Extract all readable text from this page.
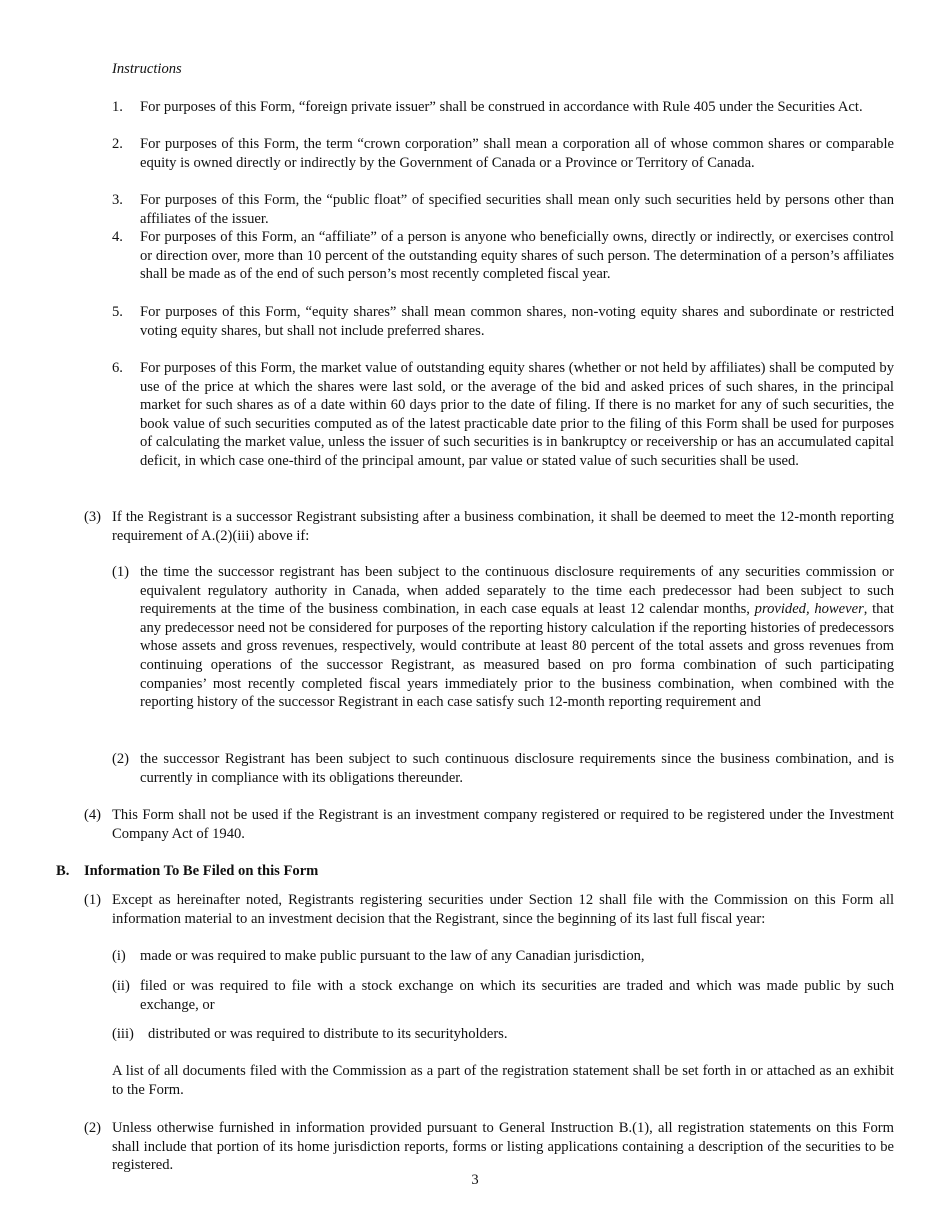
Instructions
1. For purposes of this Form, “foreign private issuer” shall be construed in accordance with Rule 405 under the Securities Act.
2. For purposes of this Form, the term “crown corporation” shall mean a corporation all of whose common shares or comparable equity is owned directly or indirectly by the Government of Canada or a Province or Territory of Canada.
3. For purposes of this Form, the “public float” of specified securities shall mean only such securities held by persons other than affiliates of the issuer.
4. For purposes of this Form, an “affiliate” of a person is anyone who beneficially owns, directly or indirectly, or exercises control or direction over, more than 10 percent of the outstanding equity shares of such person. The determination of a person’s affiliates shall be made as of the end of such person’s most recently completed fiscal year.
5. For purposes of this Form, “equity shares” shall mean common shares, non-voting equity shares and subordinate or restricted voting equity shares, but shall not include preferred shares.
6. For purposes of this Form, the market value of outstanding equity shares (whether or not held by affiliates) shall be computed by use of the price at which the shares were last sold, or the average of the bid and asked prices of such shares, in the principal market for such shares as of a date within 60 days prior to the date of filing. If there is no market for any of such securities, the book value of such securities computed as of the latest practicable date prior to the filing of this Form shall be used for purposes of calculating the market value, unless the issuer of such securities is in bankruptcy or receivership or has an accumulated capital deficit, in which case one-third of the principal amount, par value or stated value of such securities shall be used.
(3) If the Registrant is a successor Registrant subsisting after a business combination, it shall be deemed to meet the 12-month reporting requirement of A.(2)(iii) above if:
(1) the time the successor registrant has been subject to the continuous disclosure requirements of any securities commission or equivalent regulatory authority in Canada, when added separately to the time each predecessor had been subject to such requirements at the time of the business combination, in each case equals at least 12 calendar months, provided, however, that any predecessor need not be considered for purposes of the reporting history calculation if the reporting histories of predecessors whose assets and gross revenues, respectively, would contribute at least 80 percent of the total assets and gross revenues from continuing operations of the successor Registrant, as measured based on pro forma combination of such participating companies’ most recently completed fiscal years immediately prior to the business combination, when combined with the reporting history of the successor Registrant in each case satisfy such 12-month reporting requirement and
(2) the successor Registrant has been subject to such continuous disclosure requirements since the business combination, and is currently in compliance with its obligations thereunder.
(4) This Form shall not be used if the Registrant is an investment company registered or required to be registered under the Investment Company Act of 1940.
B. Information To Be Filed on this Form
(1) Except as hereinafter noted, Registrants registering securities under Section 12 shall file with the Commission on this Form all information material to an investment decision that the Registrant, since the beginning of its last full fiscal year:
(i) made or was required to make public pursuant to the law of any Canadian jurisdiction,
(ii) filed or was required to file with a stock exchange on which its securities are traded and which was made public by such exchange, or
(iii) distributed or was required to distribute to its securityholders.
A list of all documents filed with the Commission as a part of the registration statement shall be set forth in or attached as an exhibit to the Form.
(2) Unless otherwise furnished in information provided pursuant to General Instruction B.(1), all registration statements on this Form shall include that portion of its home jurisdiction reports, forms or listing applications containing a description of the securities to be registered.
3
